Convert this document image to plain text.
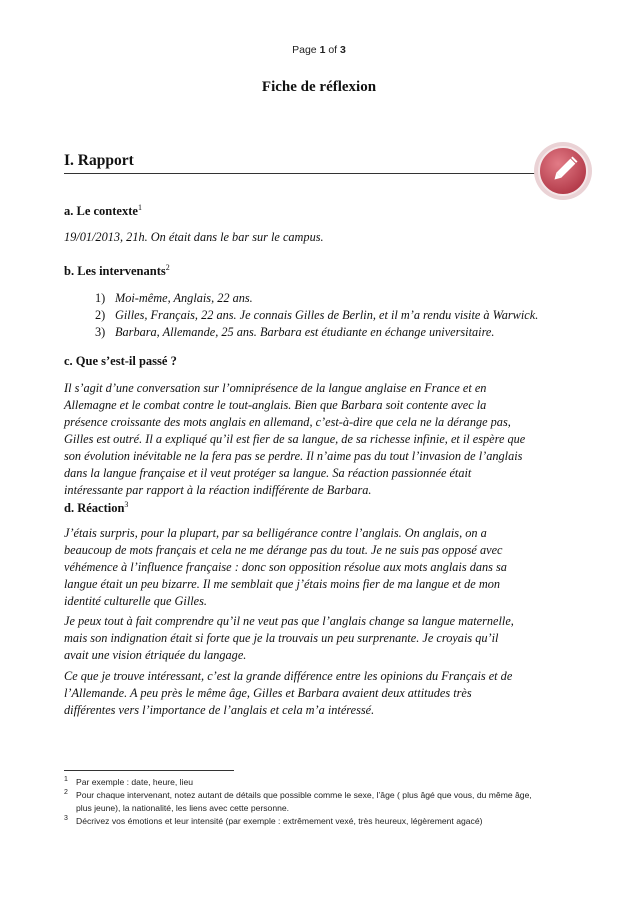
Page 1 of 3
Fiche de réflexion
I. Rapport
a. Le contexte$^1$
19/01/2013, 21h. On était dans le bar sur le campus.
b. Les intervenants$^2$
1) Moi-même, Anglais, 22 ans.
2) Gilles, Français, 22 ans. Je connais Gilles de Berlin, et il m’a rendu visite à Warwick.
3) Barbara, Allemande, 25 ans. Barbara est étudiante en échange universitaire.
c. Que s’est-il passé ?
Il s’agit d’une conversation sur l’omniprésence de la langue anglaise en France et en
Allemagne et le combat contre le tout-anglais. Bien que Barbara soit contente avec la
présence croissante des mots anglais en allemand, c’est-à-dire que cela ne la dérange pas,
Gilles est outré. Il a expliqué qu’il est fier de sa langue, de sa richesse infinie, et il espère que
son évolution inévitable ne la fera pas se perdre. Il n’aime pas du tout l’invasion de l’anglais
dans la langue française et il veut protéger sa langue. Sa réaction passionnée était
intéressante par rapport à la réaction indifférente de Barbara.
d. Réaction$^3$
J’étais surpris, pour la plupart, par sa belligérance contre l’anglais. On anglais, on a
beaucoup de mots français et cela ne me dérange pas du tout. Je ne suis pas opposé avec
véhémence à l’influence française : donc son opposition résolue aux mots anglais dans sa
langue était un peu bizarre. Il me semblait que j’étais moins fier de ma langue et de mon
identité culturelle que Gilles.
Je peux tout à fait comprendre qu’il ne veut pas que l’anglais change sa langue maternelle,
mais son indignation était si forte que je la trouvais un peu surprenante. Je croyais qu’il
avait une vision étriquée du langage.
Ce que je trouve intéressant, c’est la grande différence entre les opinions du Français et de
l’Allemande. A peu près le même âge, Gilles et Barbara avaient deux attitudes très
différentes vers l’importance de l’anglais et cela m’a intéressé.
1 Par exemple : date, heure, lieu
2 Pour chaque intervenant, notez autant de détails que possible comme le sexe, l’âge ( plus âgé que vous, du même âge,
plus jeune), la nationalité, les liens avec cette personne.
3 Décrivez vos émotions et leur intensité (par exemple : extrêmement vexé, très heureux, légèrement agacé)
